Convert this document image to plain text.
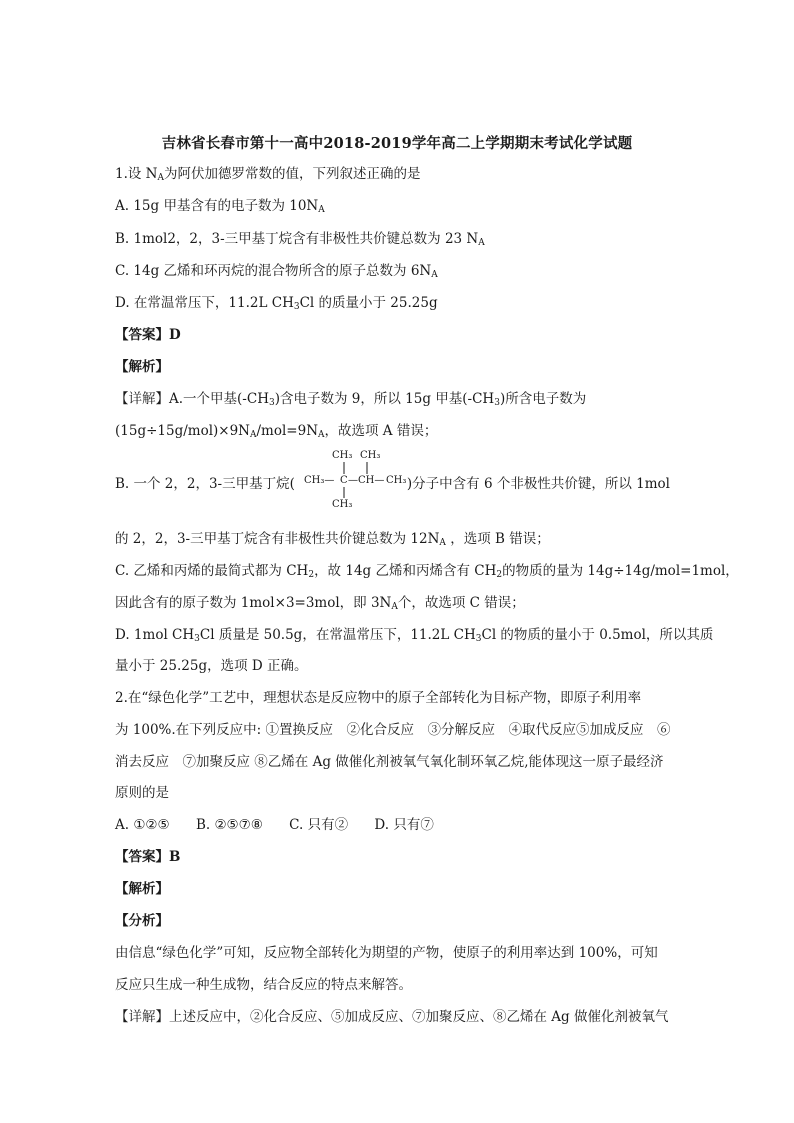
吉林省长春市第十一高中2018-2019学年高二上学期期末考试化学试题
1.设 $N_A$为阿伏加德罗常数的值，下列叙述正确的是
A. 15g 甲基含有的电子数为 $10N_A$
B. 1mol2，2，3-三甲基丁烷含有非极性共价键总数为 23 $N_A$
C. 14g 乙烯和环丙烷的混合物所含的原子总数为 $6N_A$
D. 在常温常压下，11.2L $CH_3Cl$ 的质量小于 25.25g
【答案】D
【解析】
【详解】A.一个甲基$(-CH_3)$含电子数为 9，所以 15g 甲基$(-CH_3)$所含电子数为
$(15g\div 15g/mol)\times 9N_A/mol=9N_A$，故选项 A 错误；
B. 一个 2，2，3-三甲基丁烷(	)分子中含有 6 个非极性共价键，所以 1mol
CH₃ CH₃
CH₃— C —CH— CH₃
CH₃
的 2，2，3-三甲基丁烷含有非极性共价键总数为 $12N_A$ ，选项 B 错误；
C. 乙烯和丙烯的最简式都为 $CH_2$，故 14g 乙烯和丙烯含有 $CH_2$的物质的量为 14g÷14g/mol=1mol，
因此含有的原子数为 1mol×3=3mol，即 $3N_A$个，故选项 C 错误；
D. 1mol $CH_3Cl$ 质量是 50.5g，在常温常压下，11.2L $CH_3Cl$ 的物质的量小于 0.5mol，所以其质
量小于 25.25g，选项 D 正确。
2.在“绿色化学”工艺中，理想状态是反应物中的原子全部转化为目标产物，即原子利用率
为 100%.在下列反应中: ①置换反应　②化合反应　③分解反应　④取代反应⑤加成反应　⑥
消去反应　⑦加聚反应 ⑧乙烯在 Ag 做催化剂被氧气氧化制环氧乙烷,能体现这一原子最经济
原则的是
A. ①②⑤ B. ②⑤⑦⑧ C. 只有② D. 只有⑦
【答案】B
【解析】
【分析】
由信息“绿色化学”可知，反应物全部转化为期望的产物，使原子的利用率达到 100%，可知
反应只生成一种生成物，结合反应的特点来解答。
【详解】上述反应中，②化合反应、⑤加成反应、⑦加聚反应、⑧乙烯在 Ag 做催化剂被氧气
